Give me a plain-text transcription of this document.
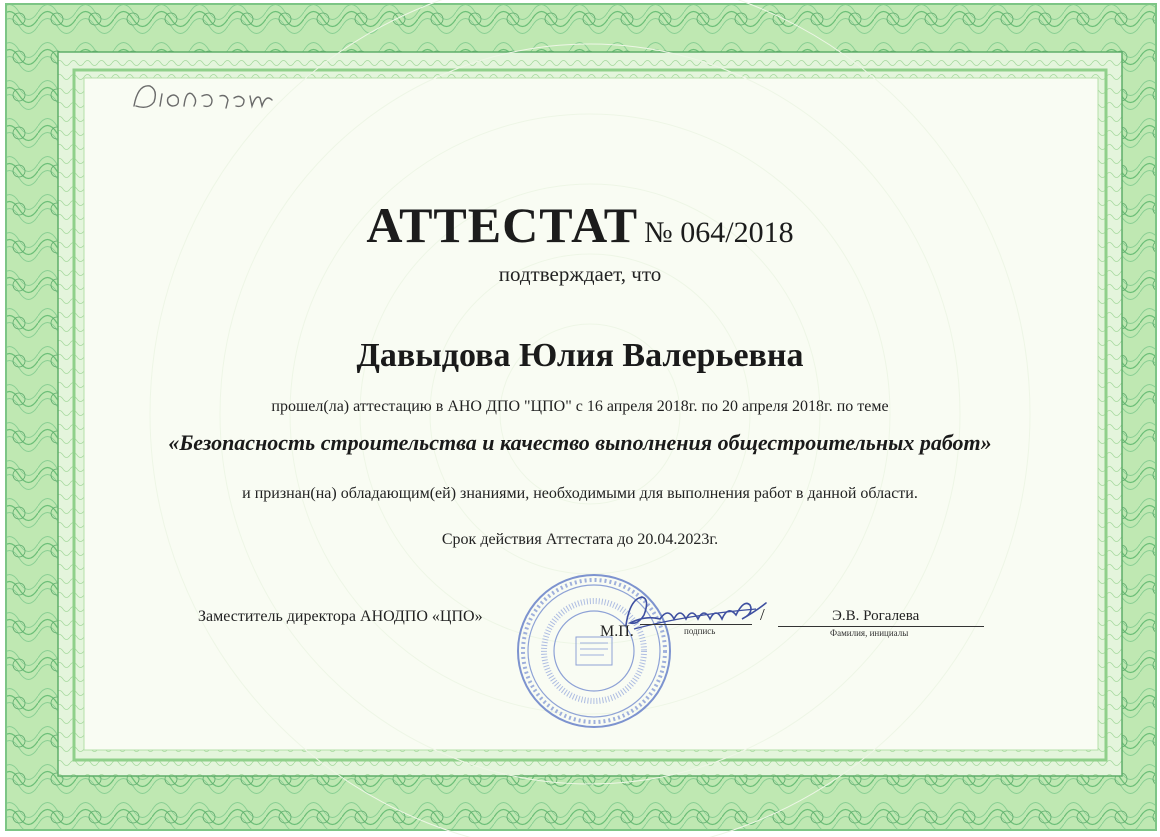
АТТЕСТАТ № 064/2018
подтверждает, что
Давыдова Юлия Валерьевна
прошел(ла) аттестацию в АНО ДПО "ЦПО" с 16 апреля 2018г. по 20 апреля 2018г. по теме
«Безопасность строительства и качество выполнения общестроительных работ»
и признан(на) обладающим(ей) знаниями, необходимыми для выполнения работ в данной области.
Срок действия Аттестата до 20.04.2023г.
Заместитель директора АНОДПО «ЦПО»
М.П.	подпись
/	Э.В. Рогалева
Фамилия, инициалы
